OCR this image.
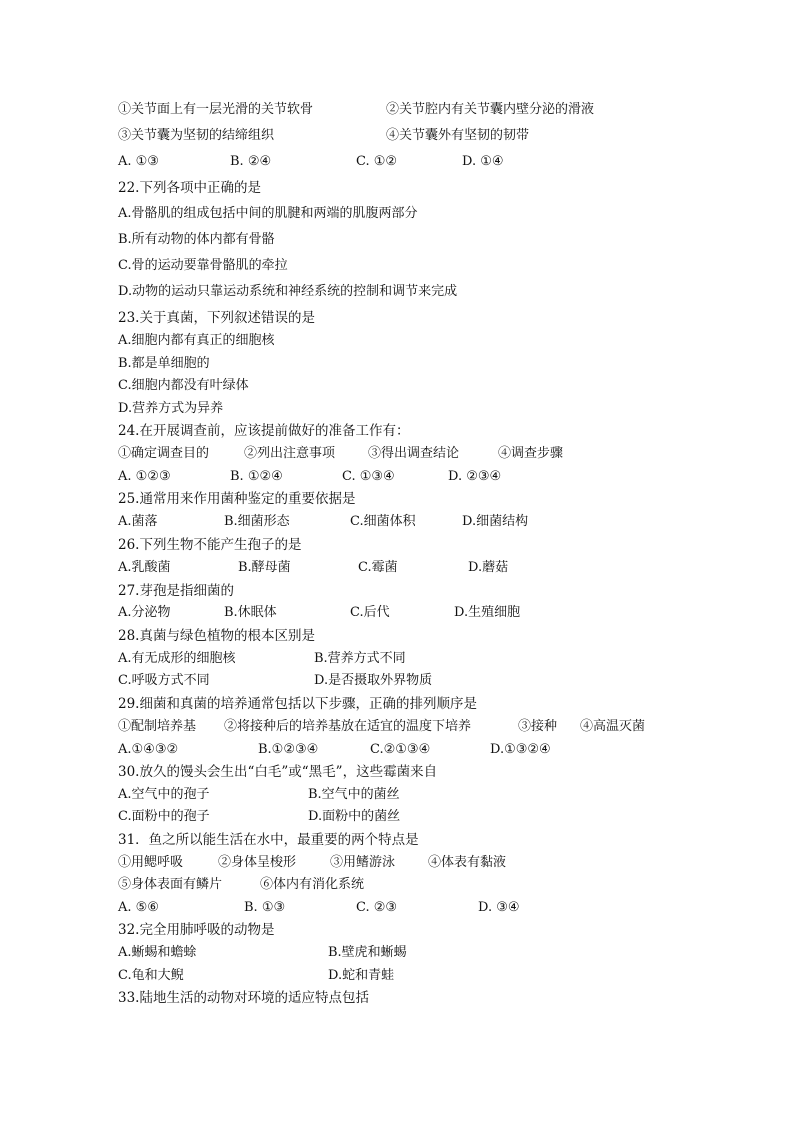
①关节面上有一层光滑的关节软骨

	②关节腔内有关节囊内壁分泌的滑液

③关节囊为坚韧的结缔组织

	④关节囊外有坚韧的韧带

A. ①③

	B. ②④

	C. ①②

	D. ①④

22.下列各项中正确的是

A.骨骼肌的组成包括中间的肌腱和两端的肌腹两部分

B.所有动物的体内都有骨骼

C.骨的运动要靠骨骼肌的牵拉

D.动物的运动只靠运动系统和神经系统的控制和调节来完成

23.关于真菌，下列叙述错误的是

A.细胞内都有真正的细胞核

B.都是单细胞的

C.细胞内都没有叶绿体

D.营养方式为异养

24.在开展调查前，应该提前做好的准备工作有：

①确定调查目的

	②列出注意事项

	③得出调查结论

	④调查步骤

A. ①②③

	B. ①②④

	C. ①③④

	D. ②③④

25.通常用来作用菌种鉴定的重要依据是

A.菌落

	B.细菌形态

	C.细菌体积

	D.细菌结构

26.下列生物不能产生孢子的是

A.乳酸菌

	B.酵母菌

	C.霉菌

	D.蘑菇

27.芽孢是指细菌的

A.分泌物

	B.休眠体

	C.后代

	D.生殖细胞

28.真菌与绿色植物的根本区别是

A.有无成形的细胞核

	B.营养方式不同

C.呼吸方式不同

	D.是否摄取外界物质

29.细菌和真菌的培养通常包括以下步骤，正确的排列顺序是

①配制培养基

②将接种后的培养基放在适宜的温度下培养

	③接种

④高温灭菌

A.①④③②

	B.①②③④

	C.②①③④

	D.①③②④

30.放久的馒头会生出“白毛”或“黑毛”，这些霉菌来自

A.空气中的孢子

	B.空气中的菌丝

C.面粉中的孢子

	D.面粉中的菌丝

31．鱼之所以能生活在水中，最重要的两个特点是

①用鳃呼吸

	②身体呈梭形

	③用鳍游泳

	④体表有黏液

⑤身体表面有鳞片

	⑥体内有消化系统

A. ⑤⑥

	B. ①③

	C. ②③

	D. ③④

32.完全用肺呼吸的动物是

A.蜥蜴和蟾蜍

	B.壁虎和蜥蜴

C.龟和大鲵

	D.蛇和青蛙

33.陆地生活的动物对环境的适应特点包括
